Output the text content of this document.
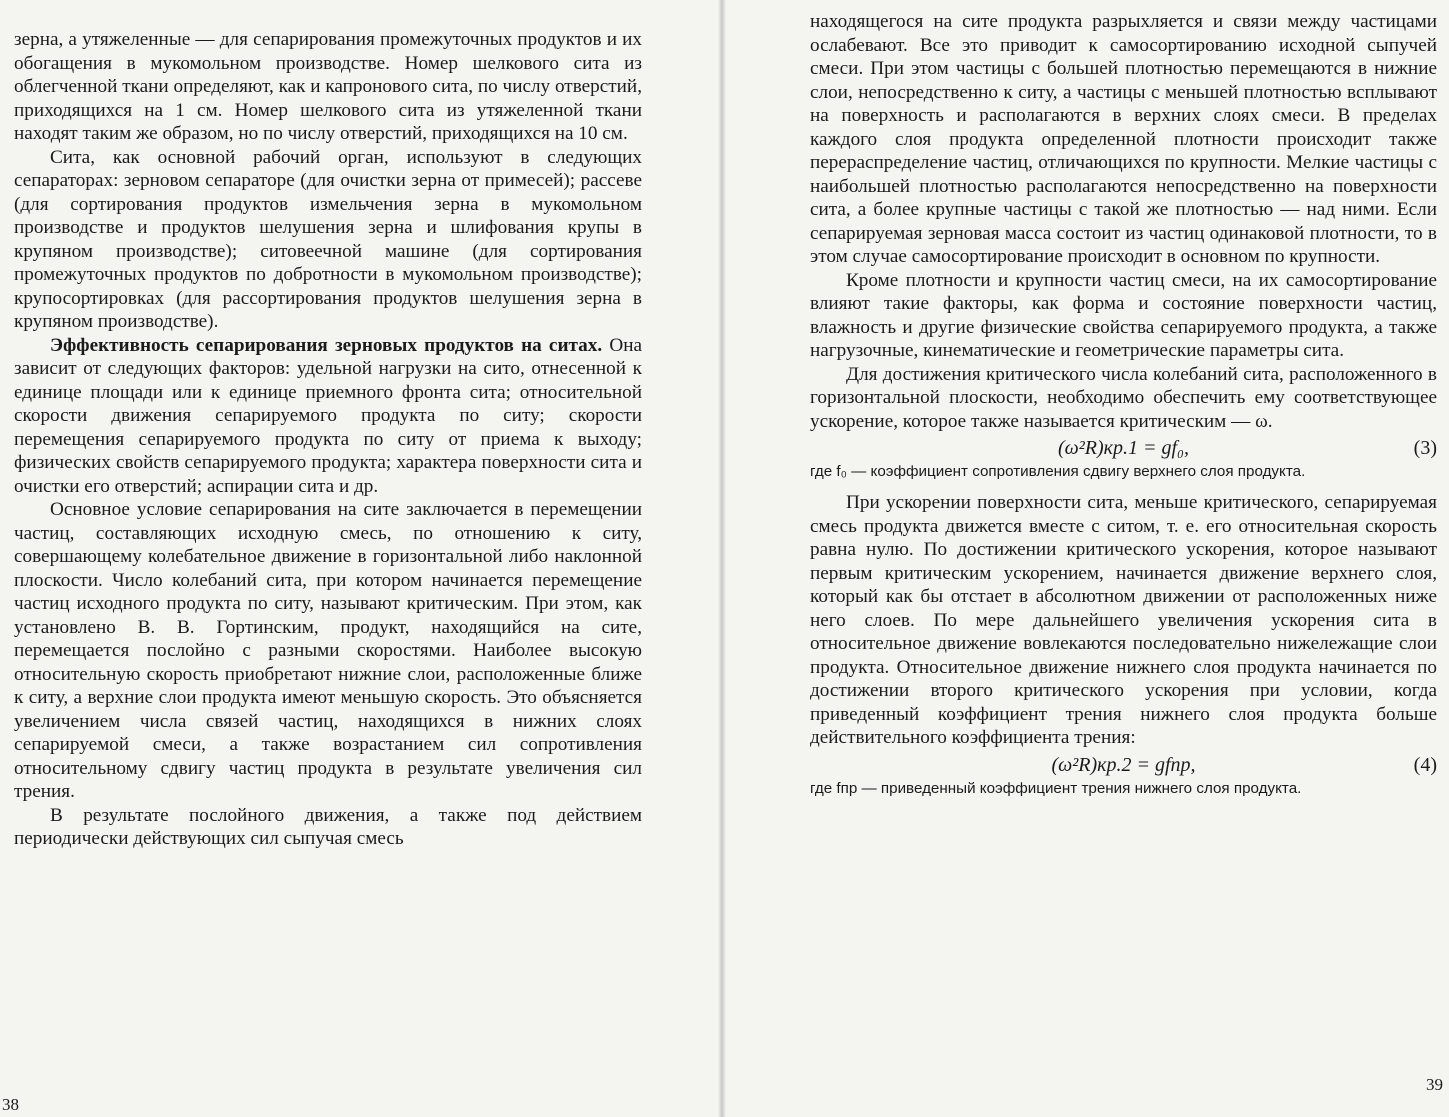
зерна, а утяжеленные — для сепарирования промежуточных продуктов и их обогащения в мукомольном производстве. Номер шелкового сита из облегченной ткани определяют, как и капронового сита, по числу отверстий, приходящихся на 1 см. Номер шелкового сита из утяжеленной ткани находят таким же образом, но по числу отверстий, приходящихся на 10 см.

Сита, как основной рабочий орган, используют в следующих сепараторах: зерновом сепараторе (для очистки зерна от примесей); рассеве (для сортирования продуктов измельчения зерна в мукомольном производстве и продуктов шелушения зерна и шлифования крупы в крупяном производстве); ситовеечной машине (для сортирования промежуточных продуктов по добротности в мукомольном производстве); крупосортировках (для рассортирования продуктов шелушения зерна в крупяном производстве).

Эффективность сепарирования зерновых продуктов на ситах. Она зависит от следующих факторов: удельной нагрузки на сито, отнесенной к единице площади или к единице приемного фронта сита; относительной скорости движения сепарируемого продукта по ситу; скорости перемещения сепарируемого продукта по ситу от приема к выходу; физических свойств сепарируемого продукта; характера поверхности сита и очистки его отверстий; аспирации сита и др.

Основное условие сепарирования на сите заключается в перемещении частиц, составляющих исходную смесь, по отношению к ситу, совершающему колебательное движение в горизонтальной либо наклонной плоскости. Число колебаний сита, при котором начинается перемещение частиц исходного продукта по ситу, называют критическим. При этом, как установлено В. В. Гортинским, продукт, находящийся на сите, перемещается послойно с разными скоростями. Наиболее высокую относительную скорость приобретают нижние слои, расположенные ближе к ситу, а верхние слои продукта имеют меньшую скорость. Это объясняется увеличением числа связей частиц, находящихся в нижних слоях сепарируемой смеси, а также возрастанием сил сопротивления относительному сдвигу частиц продукта в результате увеличения сил трения.

В результате послойного движения, а также под действием периодически действующих сил сыпучая смесь

38

находящегося на сите продукта разрыхляется и связи между частицами ослабевают. Все это приводит к самосортированию исходной сыпучей смеси. При этом частицы с большей плотностью перемещаются в нижние слои, непосредственно к ситу, а частицы с меньшей плотностью всплывают на поверхность и располагаются в верхних слоях смеси. В пределах каждого слоя продукта определенной плотности происходит также перераспределение частиц, отличающихся по крупности. Мелкие частицы с наибольшей плотностью располагаются непосредственно на поверхности сита, а более крупные частицы с такой же плотностью — над ними. Если сепарируемая зерновая масса состоит из частиц одинаковой плотности, то в этом случае самосортирование происходит в основном по крупности.

Кроме плотности и крупности частиц смеси, на их самосортирование влияют такие факторы, как форма и состояние поверхности частиц, влажность и другие физические свойства сепарируемого продукта, а также нагрузочные, кинематические и геометрические параметры сита.

Для достижения критического числа колебаний сита, расположенного в горизонтальной плоскости, необходимо обеспечить ему соответствующее ускорение, которое также называется критическим — ω.

(ω²R)кр.1 = gf₀,	(3)
где f₀ — коэффициент сопротивления сдвигу верхнего слоя продукта.

При ускорении поверхности сита, меньше критического, сепарируемая смесь продукта движется вместе с ситом, т. е. его относительная скорость равна нулю. По достижении критического ускорения, которое называют первым критическим ускорением, начинается движение верхнего слоя, который как бы отстает в абсолютном движении от расположенных ниже него слоев. По мере дальнейшего увеличения ускорения сита в относительное движение вовлекаются последовательно нижележащие слои продукта. Относительное движение нижнего слоя продукта начинается по достижении второго критического ускорения при условии, когда приведенный коэффициент трения нижнего слоя продукта больше действительного коэффициента трения:

(ω²R)кр.2 = gfпр,	(4)
где fпр — приведенный коэффициент трения нижнего слоя продукта.
39
